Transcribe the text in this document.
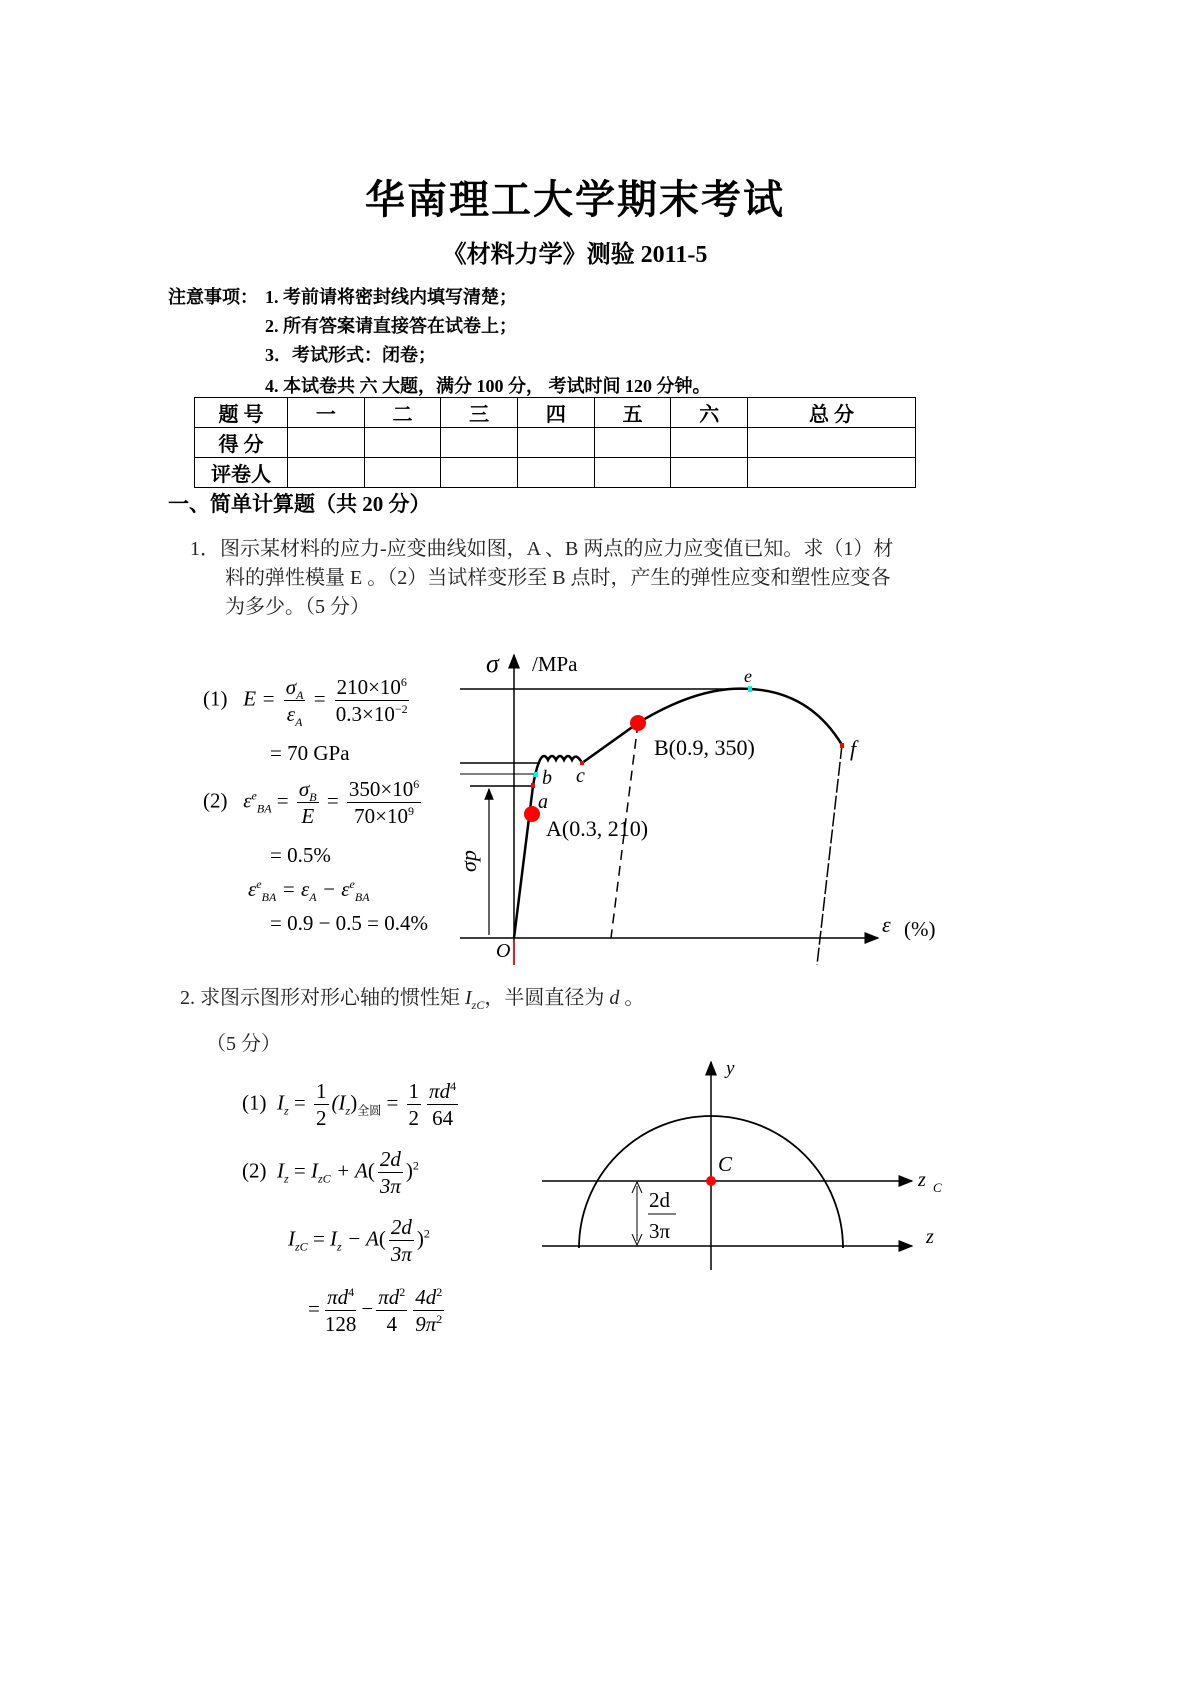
华南理工大学期末考试
《材料力学》测验 2011-5
注意事项： 1. 考前请将密封线内填写清楚；
2. 所有答案请直接答在试卷上；
3．考试形式：闭卷；
4. 本试卷共 六 大题，满分 100 分， 考试时间 120 分钟。
题 号	一	二	三	四	五	六	总 分
得 分							
评卷人							
一、简单计算题（共 20 分）
1．图示某材料的应力-应变曲线如图，A 、B 两点的应力应变值已知。求（1）材
料的弹性模量 E 。（2）当试样变形至 B 点时，产生的弹性应变和塑性应变各
为多少。（5 分）
σ /MPa
ε (%)
O
a
b c
e
f
σp
A(0.3, 210)
B(0.9, 350)
y
C
z C
z
2d
3π
(1) $E = \frac{\sigma_A}{\varepsilon_A} = \frac{210\times 10^6}{0.3\times 10^{-2}}$
= 70 GPa
(2) $\varepsilon^e_{BA} = \frac{\sigma_B}{E} = \frac{350\times 10^6}{70\times 10^9}$
= 0.5%
$\varepsilon^e_{BA} = \varepsilon_A - \varepsilon^e_{BA}$
= 0.9 − 0.5 = 0.4%
2. 求图示图形对形心轴的惯性矩 $I_{zC}$，半圆直径为 d 。
（5 分）
(1) $I_z = \frac{1}{2} (I_z)_{全圆} = \frac{1}{2} \frac{\pi d^4}{64}$
(2) $I_z = I_{zC} + A( \frac{2d}{3\pi} )^2$
$I_{zC} = I_z - A( \frac{2d}{3\pi} )^2$
= $\frac{\pi d^4}{128} - \frac{\pi d^2}{4} \frac{4d^2}{9\pi^2}$
